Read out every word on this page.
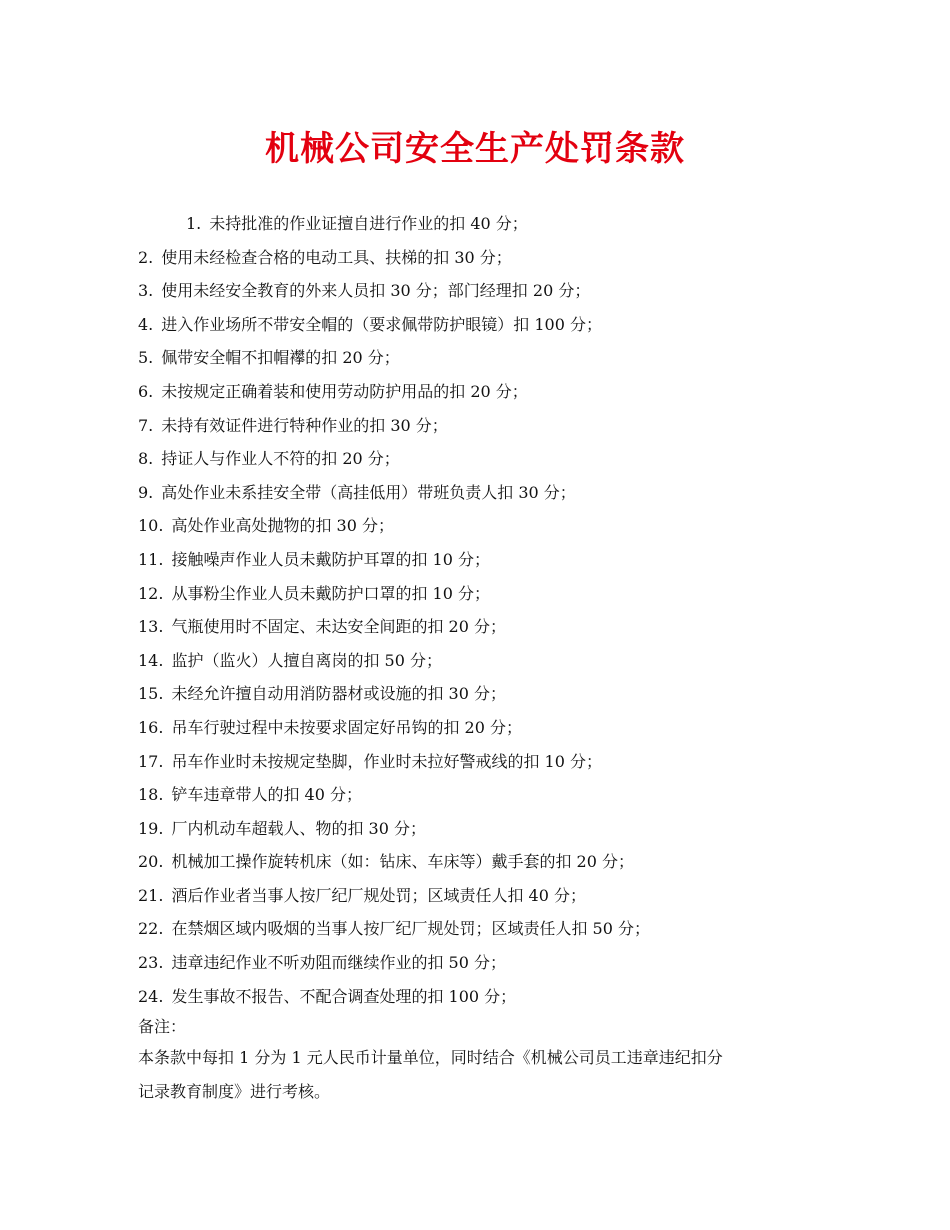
机械公司安全生产处罚条款
1. 未持批准的作业证擅自进行作业的扣 40 分；
2. 使用未经检查合格的电动工具、扶梯的扣 30 分；
3. 使用未经安全教育的外来人员扣 30 分；部门经理扣 20 分；
4. 进入作业场所不带安全帽的（要求佩带防护眼镜）扣 100 分；
5. 佩带安全帽不扣帽襻的扣 20 分；
6. 未按规定正确着装和使用劳动防护用品的扣 20 分；
7. 未持有效证件进行特种作业的扣 30 分；
8. 持证人与作业人不符的扣 20 分；
9. 高处作业未系挂安全带（高挂低用）带班负责人扣 30 分；
10. 高处作业高处抛物的扣 30 分；
11. 接触噪声作业人员未戴防护耳罩的扣 10 分；
12. 从事粉尘作业人员未戴防护口罩的扣 10 分；
13. 气瓶使用时不固定、未达安全间距的扣 20 分；
14. 监护（监火）人擅自离岗的扣 50 分；
15. 未经允许擅自动用消防器材或设施的扣 30 分；
16. 吊车行驶过程中未按要求固定好吊钩的扣 20 分；
17. 吊车作业时未按规定垫脚，作业时未拉好警戒线的扣 10 分；
18. 铲车违章带人的扣 40 分；
19. 厂内机动车超载人、物的扣 30 分；
20. 机械加工操作旋转机床（如：钻床、车床等）戴手套的扣 20 分；
21. 酒后作业者当事人按厂纪厂规处罚；区域责任人扣 40 分；
22. 在禁烟区域内吸烟的当事人按厂纪厂规处罚；区域责任人扣 50 分；
23. 违章违纪作业不听劝阻而继续作业的扣 50 分；
24. 发生事故不报告、不配合调查处理的扣 100 分；
备注：
本条款中每扣 1 分为 1 元人民币计量单位，同时结合《机械公司员工违章违纪扣分
记录教育制度》进行考核。
